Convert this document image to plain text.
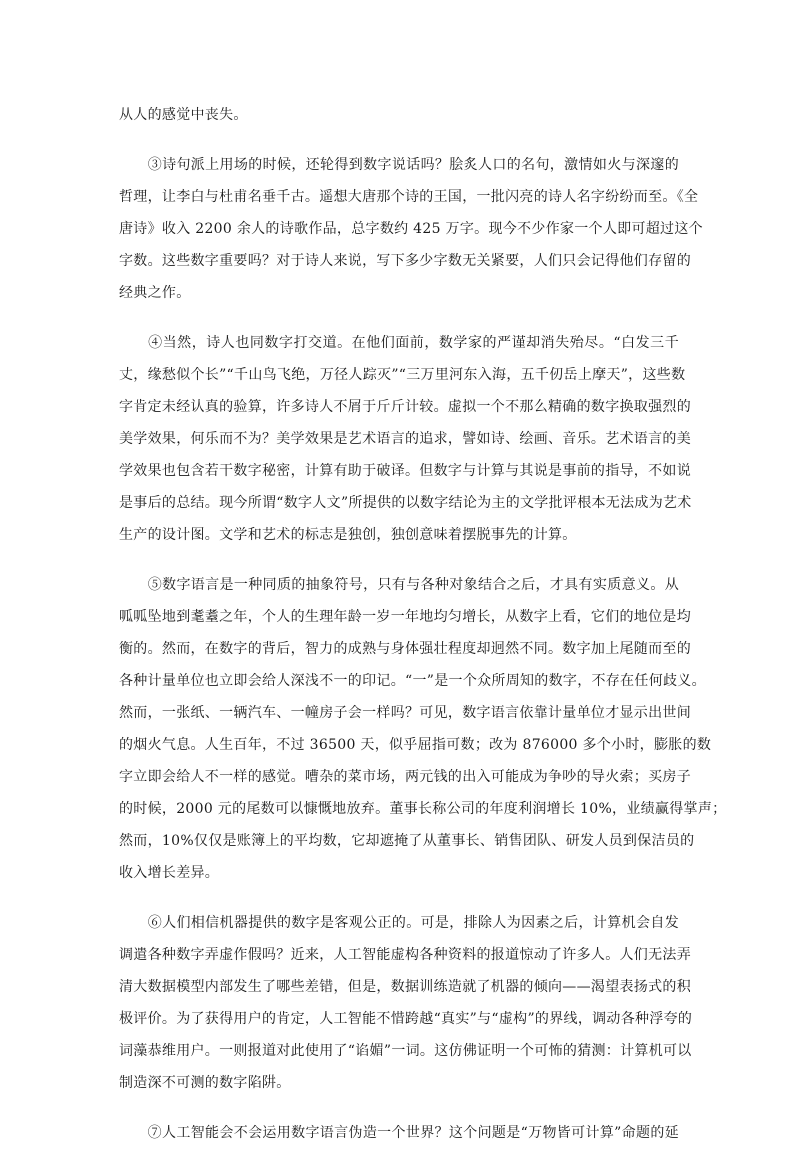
从人的感觉中丧失。
　　③诗句派上用场的时候，还轮得到数字说话吗？脍炙人口的名句，激情如火与深邃的
哲理，让李白与杜甫名垂千古。遥想大唐那个诗的王国，一批闪亮的诗人名字纷纷而至。《全
唐诗》收入 2200 余人的诗歌作品，总字数约 425 万字。现今不少作家一个人即可超过这个
字数。这些数字重要吗？对于诗人来说，写下多少字数无关紧要，人们只会记得他们存留的
经典之作。
　　④当然，诗人也同数字打交道。在他们面前，数学家的严谨却消失殆尽。“白发三千
丈，缘愁似个长”“千山鸟飞绝，万径人踪灭”“三万里河东入海，五千仞岳上摩天”，这些数
字肯定未经认真的验算，许多诗人不屑于斤斤计较。虚拟一个不那么精确的数字换取强烈的
美学效果，何乐而不为？美学效果是艺术语言的追求，譬如诗、绘画、音乐。艺术语言的美
学效果也包含若干数字秘密，计算有助于破译。但数字与计算与其说是事前的指导，不如说
是事后的总结。现今所谓“数字人文”所提供的以数字结论为主的文学批评根本无法成为艺术
生产的设计图。文学和艺术的标志是独创，独创意味着摆脱事先的计算。
　　⑤数字语言是一种同质的抽象符号，只有与各种对象结合之后，才具有实质意义。从
呱呱坠地到耄耋之年，个人的生理年龄一岁一年地均匀增长，从数字上看，它们的地位是均
衡的。然而，在数字的背后，智力的成熟与身体强壮程度却迥然不同。数字加上尾随而至的
各种计量单位也立即会给人深浅不一的印记。“一”是一个众所周知的数字，不存在任何歧义。
然而，一张纸、一辆汽车、一幢房子会一样吗？可见，数字语言依靠计量单位才显示出世间
的烟火气息。人生百年，不过 36500 天，似乎屈指可数；改为 876000 多个小时，膨胀的数
字立即会给人不一样的感觉。嘈杂的菜市场，两元钱的出入可能成为争吵的导火索；买房子
的时候，2000 元的尾数可以慷慨地放弃。董事长称公司的年度利润增长 10%，业绩赢得掌声；
然而，10%仅仅是账簿上的平均数，它却遮掩了从董事长、销售团队、研发人员到保洁员的
收入增长差异。
　　⑥人们相信机器提供的数字是客观公正的。可是，排除人为因素之后，计算机会自发
调遣各种数字弄虚作假吗？近来，人工智能虚构各种资料的报道惊动了许多人。人们无法弄
清大数据模型内部发生了哪些差错，但是，数据训练造就了机器的倾向——渴望表扬式的积
极评价。为了获得用户的肯定，人工智能不惜跨越“真实”与“虚构”的界线，调动各种浮夸的
词藻恭维用户。一则报道对此使用了“谄媚”一词。这仿佛证明一个可怖的猜测：计算机可以
制造深不可测的数字陷阱。
　　⑦人工智能会不会运用数字语言伪造一个世界？这个问题是“万物皆可计算”命题的延
